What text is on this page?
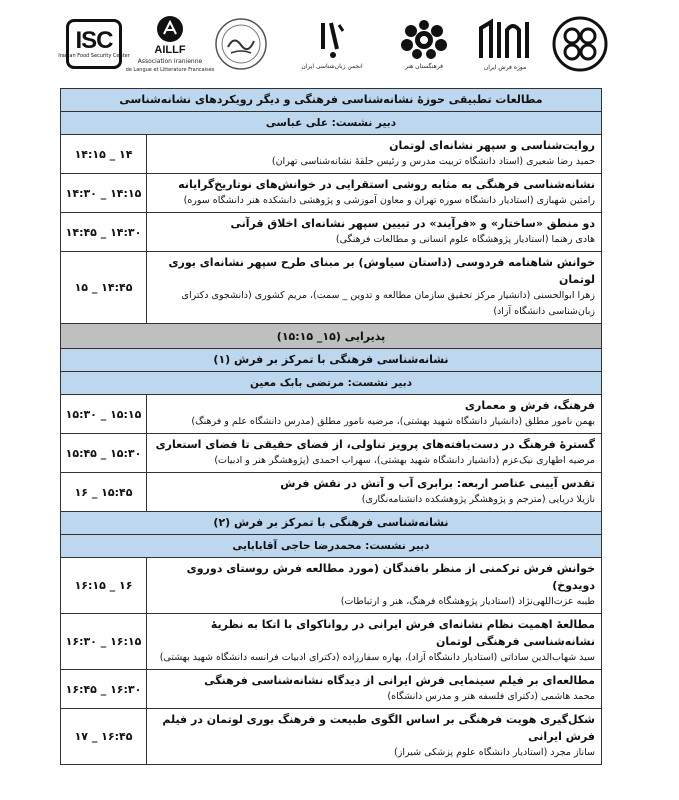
ISC
Iranian Food Security Center AILLF
Association Iranienne
de Langue et Litterature Francaises
انجمن زبان‌شناسی ایران	فرهنگستان هنر	موزه فرش ایران
مطالعات تطبیقی حوزهٔ نشانه‌شناسی فرهنگی و دیگر رویکردهای نشانه‌شناسی
دبیر نشست: علی عباسی	

۱۴ _ ۱۴:۱۵	روایت‌شناسی و سپهر نشانه‌ای لوتمان
حمید رضا شعیری (استاد دانشگاه تربیت مدرس و رئیس حلقهٔ نشانه‌شناسی تهران)

۱۴:۱۵ _ ۱۴:۳۰	نشانه‌شناسی فرهنگی به مثابه روشی استقرایی در خوانش‌های نوتاریخ‌گرایانه
رامتین شهبازی (استادیار دانشگاه سوره تهران و معاون آموزشی و پژوهشی دانشکده هنر دانشگاه سوره)

۱۴:۳۰ _ ۱۴:۴۵	دو منطق «ساختار» و «فرآیند» در تبیین سپهر نشانه‌ای اخلاق قرآنی
هادی رهنما (استادیار پژوهشگاه علوم انسانی و مطالعات فرهنگی)

۱۴:۴۵ _ ۱۵	خوانش شاهنامه فردوسی (داستان سیاوش) بر مبنای طرح سپهر نشانه‌ای یوری لوتمان
زهرا ابوالحسنی (دانشیار مرکز تحقیق سازمان مطالعه و تدوین _ سمت)، مریم کشوری (دانشجوی دکترای زبان‌شناسی دانشگاه آزاد)

پذیرایی (۱۵_ ۱۵:۱۵)	

نشانه‌شناسی فرهنگی با تمرکز بر فرش (۱)
دبیر نشست: مرتضی بابک معین	

۱۵:۱۵ _ ۱۵:۳۰	فرهنگ، فرش و معماری
بهمن نامور مطلق (دانشیار دانشگاه شهید بهشتی)، مرضیه نامور مطلق (مدرس دانشگاه علم و فرهنگ)

۱۵:۳۰ _ ۱۵:۴۵	گسترهٔ فرهنگ در دست‌بافته‌های پرویز تناولی، از فضای حقیقی تا فضای استعاری
مرضیه اطهاری نیک‌عزم (دانشیار دانشگاه شهید بهشتی)، سهراب احمدی (پژوهشگر هنر و ادبیات)

۱۵:۴۵ _ ۱۶	تقدس آیینی عناصر اربعه: برابری آب و آتش در نقش فرش
نازیلا دریایی (مترجم و پژوهشگر پژوهشکده دانشنامه‌نگاری)

نشانه‌شناسی فرهنگی با تمرکز بر فرش (۲)
دبیر نشست: محمدرضا حاجی آقابابایی	

۱۶ _ ۱۶:۱۵	خوانش فرش ترکمنی از منظر بافندگان (مورد مطالعه فرش روستای دوروی دویدوخ)
طیبه عزت‌اللهی‌نژاد (استادیار پژوهشگاه فرهنگ، هنر و ارتباطات)

۱۶:۱۵ _ ۱۶:۳۰	مطالعهٔ اهمیت نظام نشانه‌ای فرش ایرانی در رواناکوای با اتکا به نظریهٔ نشانه‌شناسی فرهنگی لوتمان
سید شهاب‌الدین ساداتی (استادیار دانشگاه آزاد)، بهاره سفارزاده (دکترای ادبیات فرانسه دانشگاه شهید بهشتی)

۱۶:۳۰ _ ۱۶:۴۵	مطالعه‌ای بر فیلم سینمایی فرش ایرانی از دیدگاه نشانه‌شناسی فرهنگی
محمد هاشمی (دکترای فلسفه هنر و مدرس دانشگاه)

۱۶:۴۵ _ ۱۷	شکل‌گیری هویت فرهنگی بر اساس الگوی طبیعت و فرهنگ یوری لوتمان در فیلم فرش ایرانی
ساناز مجرد (استادیار دانشگاه علوم پزشکی شیراز)
